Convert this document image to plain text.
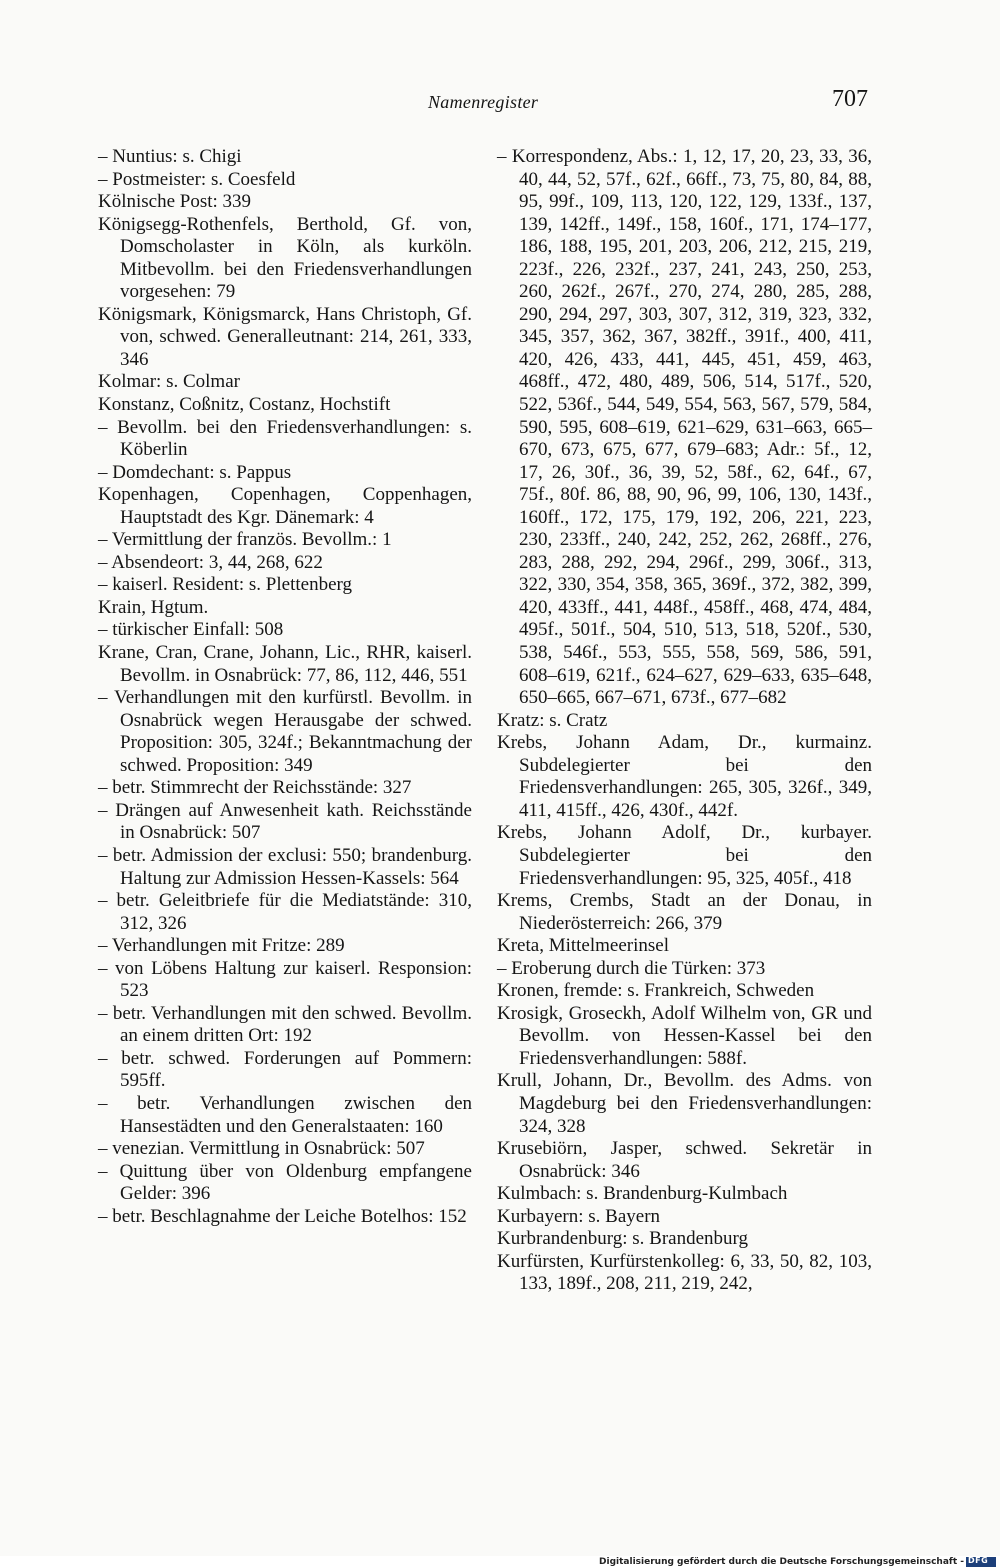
Namenregister	707

– Nuntius: s. Chigi

– Postmeister: s. Coesfeld

Kölnische Post: 339

Königsegg-Rothenfels, Berthold, Gf. von, Domscholaster in Köln, als kurköln. Mitbevollm. bei den Friedensverhandlungen vorgesehen: 79

Königsmark, Königsmarck, Hans Christoph, Gf. von, schwed. Generalleutnant: 214, 261, 333, 346

Kolmar: s. Colmar

Konstanz, Coßnitz, Costanz, Hochstift

– Bevollm. bei den Friedensverhandlungen: s. Köberlin

– Domdechant: s. Pappus

Kopenhagen, Copenhagen, Coppenhagen, Hauptstadt des Kgr. Dänemark: 4

– Vermittlung der französ. Bevollm.: 1

– Absendeort: 3, 44, 268, 622

– kaiserl. Resident: s. Plettenberg

Krain, Hgtum.

– türkischer Einfall: 508

Krane, Cran, Crane, Johann, Lic., RHR, kaiserl. Bevollm. in Osnabrück: 77, 86, 112, 446, 551

– Verhandlungen mit den kurfürstl. Bevollm. in Osnabrück wegen Herausgabe der schwed. Proposition: 305, 324f.; Bekanntmachung der schwed. Proposition: 349

– betr. Stimmrecht der Reichsstände: 327

– Drängen auf Anwesenheit kath. Reichsstände in Osnabrück: 507

– betr. Admission der exclusi: 550; brandenburg. Haltung zur Admission Hessen-Kassels: 564

– betr. Geleitbriefe für die Mediatstände: 310, 312, 326

– Verhandlungen mit Fritze: 289

– von Löbens Haltung zur kaiserl. Responsion: 523

– betr. Verhandlungen mit den schwed. Bevollm. an einem dritten Ort: 192

– betr. schwed. Forderungen auf Pommern: 595ff.

– betr. Verhandlungen zwischen den Hansestädten und den Generalstaaten: 160

– venezian. Vermittlung in Osnabrück: 507

– Quittung über von Oldenburg empfangene Gelder: 396

– betr. Beschlagnahme der Leiche Botelhos: 152

– Korrespondenz, Abs.: 1, 12, 17, 20, 23, 33, 36, 40, 44, 52, 57f., 62f., 66ff., 73, 75, 80, 84, 88, 95, 99f., 109, 113, 120, 122, 129, 133f., 137, 139, 142ff., 149f., 158, 160f., 171, 174–177, 186, 188, 195, 201, 203, 206, 212, 215, 219, 223f., 226, 232f., 237, 241, 243, 250, 253, 260, 262f., 267f., 270, 274, 280, 285, 288, 290, 294, 297, 303, 307, 312, 319, 323, 332, 345, 357, 362, 367, 382ff., 391f., 400, 411, 420, 426, 433, 441, 445, 451, 459, 463, 468ff., 472, 480, 489, 506, 514, 517f., 520, 522, 536f., 544, 549, 554, 563, 567, 579, 584, 590, 595, 608–619, 621–629, 631–663, 665–670, 673, 675, 677, 679–683; Adr.: 5f., 12, 17, 26, 30f., 36, 39, 52, 58f., 62, 64f., 67, 75f., 80f. 86, 88, 90, 96, 99, 106, 130, 143f., 160ff., 172, 175, 179, 192, 206, 221, 223, 230, 233ff., 240, 242, 252, 262, 268ff., 276, 283, 288, 292, 294, 296f., 299, 306f., 313, 322, 330, 354, 358, 365, 369f., 372, 382, 399, 420, 433ff., 441, 448f., 458ff., 468, 474, 484, 495f., 501f., 504, 510, 513, 518, 520f., 530, 538, 546f., 553, 555, 558, 569, 586, 591, 608–619, 621f., 624–627, 629–633, 635–648, 650–665, 667–671, 673f., 677–682

Kratz: s. Cratz

Krebs, Johann Adam, Dr., kurmainz. Subdelegierter bei den Friedensverhandlungen: 265, 305, 326f., 349, 411, 415ff., 426, 430f., 442f.

Krebs, Johann Adolf, Dr., kurbayer. Subdelegierter bei den Friedensverhandlungen: 95, 325, 405f., 418

Krems, Crembs, Stadt an der Donau, in Niederösterreich: 266, 379

Kreta, Mittelmeerinsel

– Eroberung durch die Türken: 373

Kronen, fremde: s. Frankreich, Schweden

Krosigk, Groseckh, Adolf Wilhelm von, GR und Bevollm. von Hessen-Kassel bei den Friedensverhandlungen: 588f.

Krull, Johann, Dr., Bevollm. des Adms. von Magdeburg bei den Friedensverhandlungen: 324, 328

Krusebiörn, Jasper, schwed. Sekretär in Osnabrück: 346

Kulmbach: s. Brandenburg-Kulmbach

Kurbayern: s. Bayern

Kurbrandenburg: s. Brandenburg

Kurfürsten, Kurfürstenkolleg: 6, 33, 50, 82, 103, 133, 189f., 208, 211, 219, 242,

Digitalisierung gefördert durch die Deutsche Forschungsgemeinschaft - DFG
